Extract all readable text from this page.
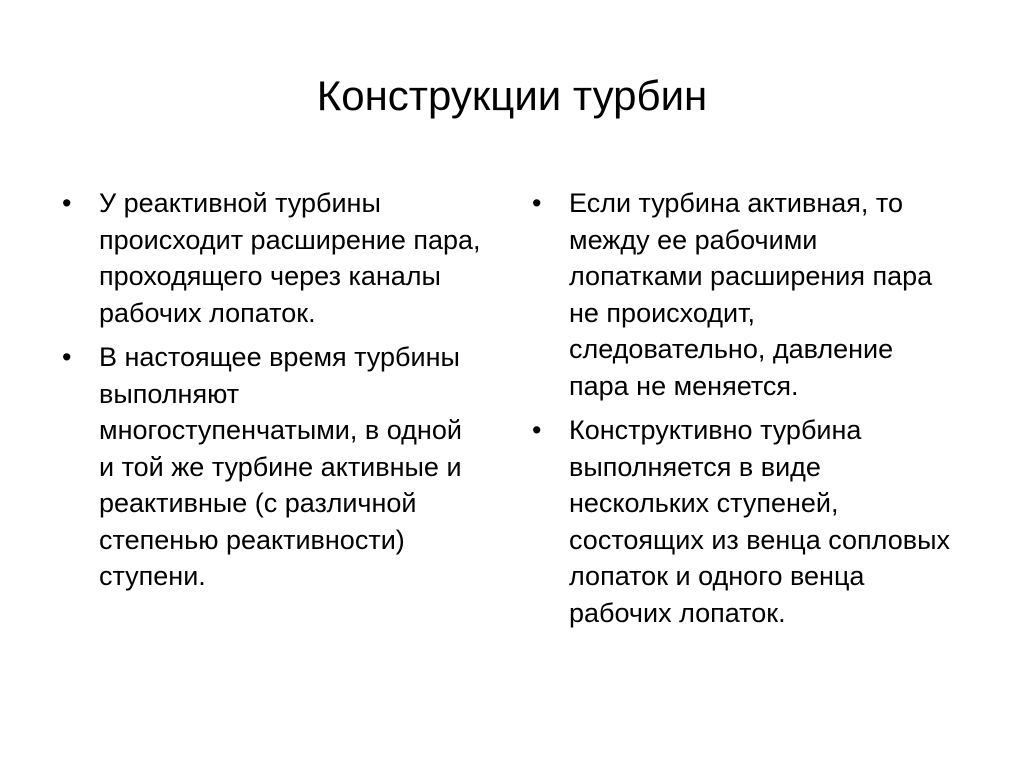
Конструкции турбин
• У реактивной турбины происходит расширение пара, проходящего через каналы рабочих лопаток.
• В настоящее время турбины выполняют многоступенчатыми, в одной и той же турбине активные и реактивные (с различной степенью реактивности) ступени.
• Если турбина активная, то между ее рабочими лопатками расширения пара не происходит, следовательно, давление пара не меняется.
• Конструктивно турбина выполняется в виде нескольких ступеней, состоящих из венца сопловых лопаток и одного венца рабочих лопаток.
